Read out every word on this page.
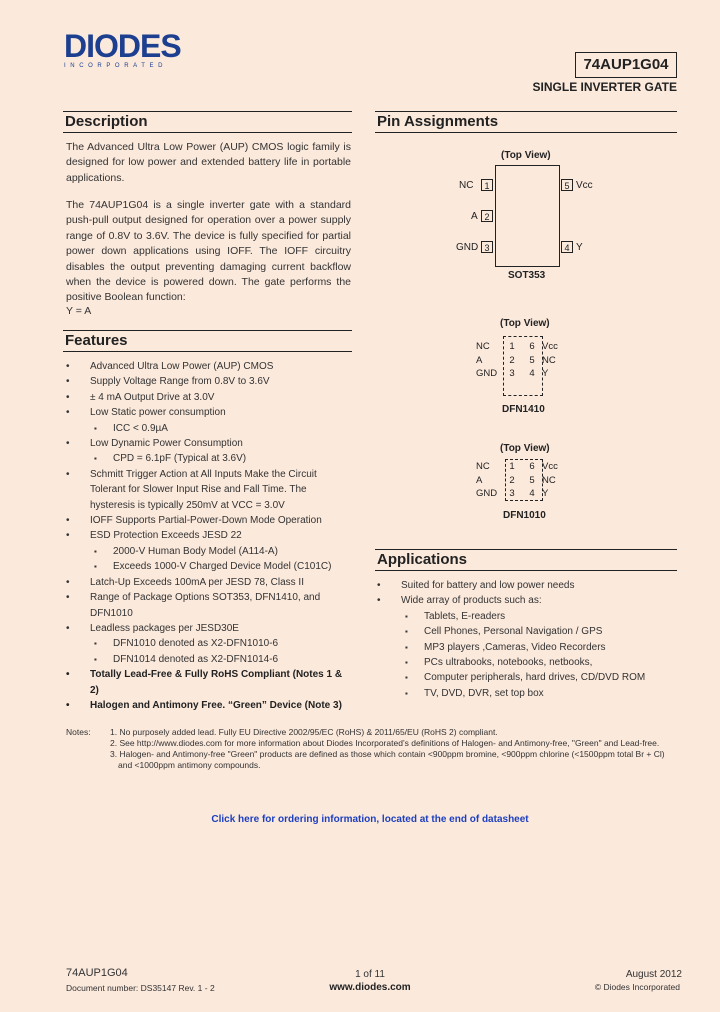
DIODES
INCORPORATED	74AUP1G04
SINGLE INVERTER GATE
Description
The Advanced Ultra Low Power (AUP) CMOS logic family is designed for low power and extended battery life in portable applications.
The 74AUP1G04 is a single inverter gate with a standard push-pull output designed for operation over a power supply range of 0.8V to 3.6V. The device is fully specified for partial power down applications using IOFF. The IOFF circuitry disables the output preventing damaging current backflow when the device is powered down. The gate performs the positive Boolean function:
Y = A
Features
• Advanced Ultra Low Power (AUP) CMOS
• Supply Voltage Range from 0.8V to 3.6V
• ± 4 mA Output Drive at 3.0V
• Low Static power consumption
▪ ICC < 0.9µA
• Low Dynamic Power Consumption
▪ CPD = 6.1pF (Typical at 3.6V)
• Schmitt Trigger Action at All Inputs Make the Circuit Tolerant for Slower Input Rise and Fall Time. The hysteresis is typically 250mV at VCC = 3.0V
• IOFF Supports Partial-Power-Down Mode Operation
• ESD Protection Exceeds JESD 22
▪ 2000-V Human Body Model (A114-A)
▪ Exceeds 1000-V Charged Device Model (C101C)
• Latch-Up Exceeds 100mA per JESD 78, Class II
• Range of Package Options SOT353, DFN1410, and DFN1010
• Leadless packages per JESD30E
▪ DFN1010 denoted as X2-DFN1010-6
▪ DFN1014 denoted as X2-DFN1014-6
• Totally Lead-Free & Fully RoHS Compliant (Notes 1 & 2)
• Halogen and Antimony Free. “Green” Device (Note 3)
Pin Assignments
(Top View)
NC	1
A 2
GND 3
5 Vcc
4 Y
SOT353
(Top View)
NC	1	6 Vcc
A	2	5 NC
GND	3	4 Y
DFN1410
(Top View)
NC	1	6 Vcc
A	2	5 NC
GND	3	4 Y
DFN1010
Applications
• Suited for battery and low power needs
• Wide array of products such as:
▪ Tablets, E-readers
▪ Cell Phones, Personal Navigation / GPS
▪ MP3 players ,Cameras, Video Recorders
▪ PCs ultrabooks, notebooks, netbooks,
▪ Computer peripherals, hard drives, CD/DVD ROM
▪ TV, DVD, DVR, set top box
Notes: 1. No purposely added lead. Fully EU Directive 2002/95/EC (RoHS) & 2011/65/EU (RoHS 2) compliant.
2. See http://www.diodes.com for more information about Diodes Incorporated’s definitions of Halogen- and Antimony-free, "Green" and Lead-free.
3. Halogen- and Antimony-free "Green" products are defined as those which contain <900ppm bromine, <900ppm chlorine (<1500ppm total Br + Cl) and <1000ppm antimony compounds.
Click here for ordering information, located at the end of datasheet
74AUP1G04
Document number: DS35147 Rev. 1 - 2
1 of 11
www.diodes.com
August 2012
© Diodes Incorporated
